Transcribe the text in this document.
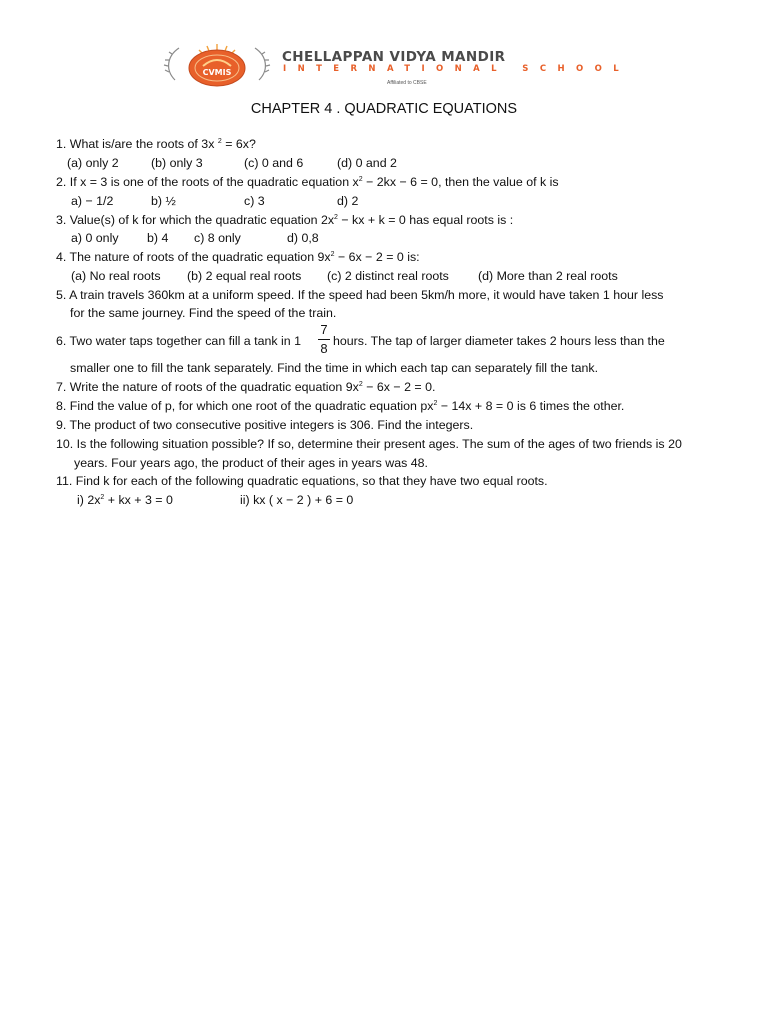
CVMIS
CHELLAPPAN VIDYA MANDIR
INTERNATIONAL SCHOOL
Affiliated to CBSE
CHAPTER 4 . QUADRATIC EQUATIONS
1. What is/are the roots of 3x $^2$ = 6x?
(a) only 2	(b) only 3	(c) 0 and 6	(d) 0 and 2
2. If x = 3 is one of the roots of the quadratic equation $x^2 - 2kx - 6 = 0$, then the value of k is
a) − 1/2	b) ½	c) 3	d) 2
3. Value(s) of k for which the quadratic equation $2x^2$ − kx + k = 0 has equal roots is :
a) 0 only b) 4 c) 8 only	d) 0,8
4. The nature of roots of the quadratic equation $9x^2 - 6x - 2 = 0$ is:
(a) No real roots (b) 2 equal real roots (c) 2 distinct real roots (d) More than 2 real roots
5. A train travels 360km at a uniform speed. If the speed had been 5km/h more, it would have taken 1 hour less
for the same journey. Find the speed of the train.
6. Two water taps together can fill a tank in 1
7
8 hours. The tap of larger diameter takes 2 hours less than the
smaller one to fill the tank separately. Find the time in which each tap can separately fill the tank.
7. Write the nature of roots of the quadratic equation $9x^2 - 6x - 2 = 0$.
8. Find the value of p, for which one root of the quadratic equation $px^2 - 14x + 8 = 0$ is 6 times the other.
9. The product of two consecutive positive integers is 306. Find the integers.
10. Is the following situation possible? If so, determine their present ages. The sum of the ages of two friends is 20
years. Four years ago, the product of their ages in years was 48.
11. Find k for each of the following quadratic equations, so that they have two equal roots.
i) $2x^2$ + kx + 3 = 0	ii) kx ( x − 2 ) + 6 = 0
